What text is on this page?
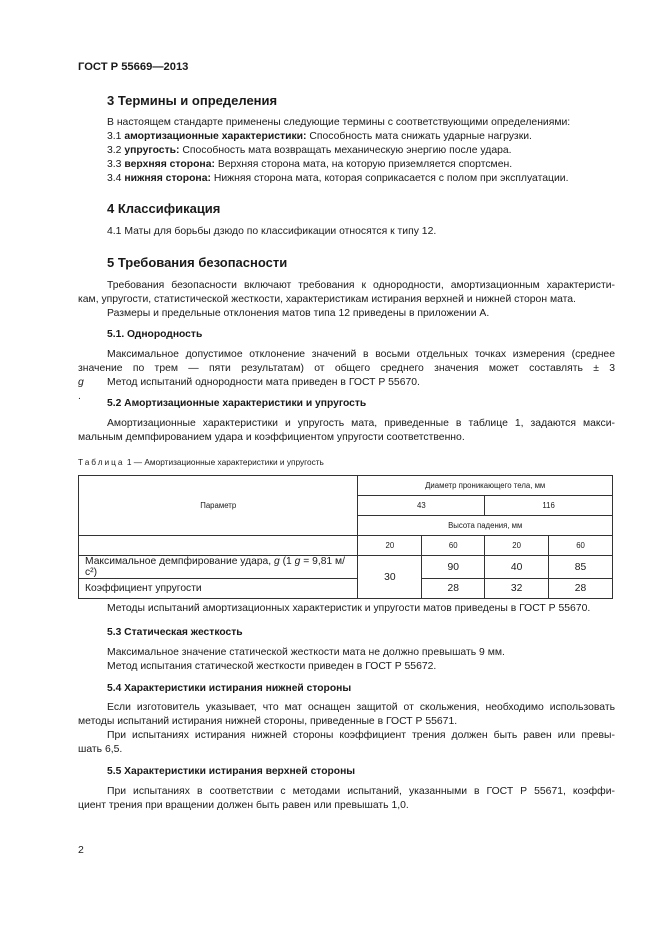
ГОСТ Р 55669—2013
3 Термины и определения
В настоящем стандарте применены следующие термины с соответствующими определениями:
3.1 амортизационные характеристики: Способность мата снижать ударные нагрузки.
3.2 упругость: Способность мата возвращать механическую энергию после удара.
3.3 верхняя сторона: Верхняя сторона мата, на которую приземляется спортсмен.
3.4 нижняя сторона: Нижняя сторона мата, которая соприкасается с полом при эксплуатации.
4 Классификация
4.1 Маты для борьбы дзюдо по классификации относятся к типу 12.
5 Требования безопасности
Требования безопасности включают требования к однородности, амортизационным характеристи-
кам, упругости, статистической жесткости, характеристикам истирания верхней и нижней сторон мата.
Размеры и предельные отклонения матов типа 12 приведены в приложении А.
5.1. Однородность
Максимальное допустимое отклонение значений в восьми отдельных точках измерения (среднее
значение по трем — пяти результатам) от общего среднего значения может составлять ± 3
g
.
Метод испытаний однородности мата приведен в ГОСТ Р 55670.
5.2 Амортизационные характеристики и упругость
Амортизационные характеристики и упругость мата, приведенные в таблице 1, задаются макси-
мальным демпфированием удара и коэффициентом упругости соответственно.
Таблица 1 — Амортизационные характеристики и упругость
Параметр	Диаметр проникающего тела, мм			
	43		116	
	Высота падения, мм			
	20	60	20	60
Максимальное демпфирование удара, g (1 g = 9,81 м/с²)	30	90	40	85
Коэффициент упругости		28	32	28
Методы испытаний амортизационных характеристик и упругости матов приведены в ГОСТ Р 55670.
5.3 Статическая жесткость
Максимальное значение статической жесткости мата не должно превышать 9 мм.
Метод испытания статической жесткости приведен в ГОСТ Р 55672.
5.4 Характеристики истирания нижней стороны
Если изготовитель указывает, что мат оснащен защитой от скольжения, необходимо использовать
методы испытаний истирания нижней стороны, приведенные в ГОСТ Р 55671.
При испытаниях истирания нижней стороны коэффициент трения должен быть равен или превы-
шать 6,5.
5.5 Характеристики истирания верхней стороны
При испытаниях в соответствии с методами испытаний, указанными в ГОСТ Р 55671, коэффи-
циент трения при вращении должен быть равен или превышать 1,0.
2
